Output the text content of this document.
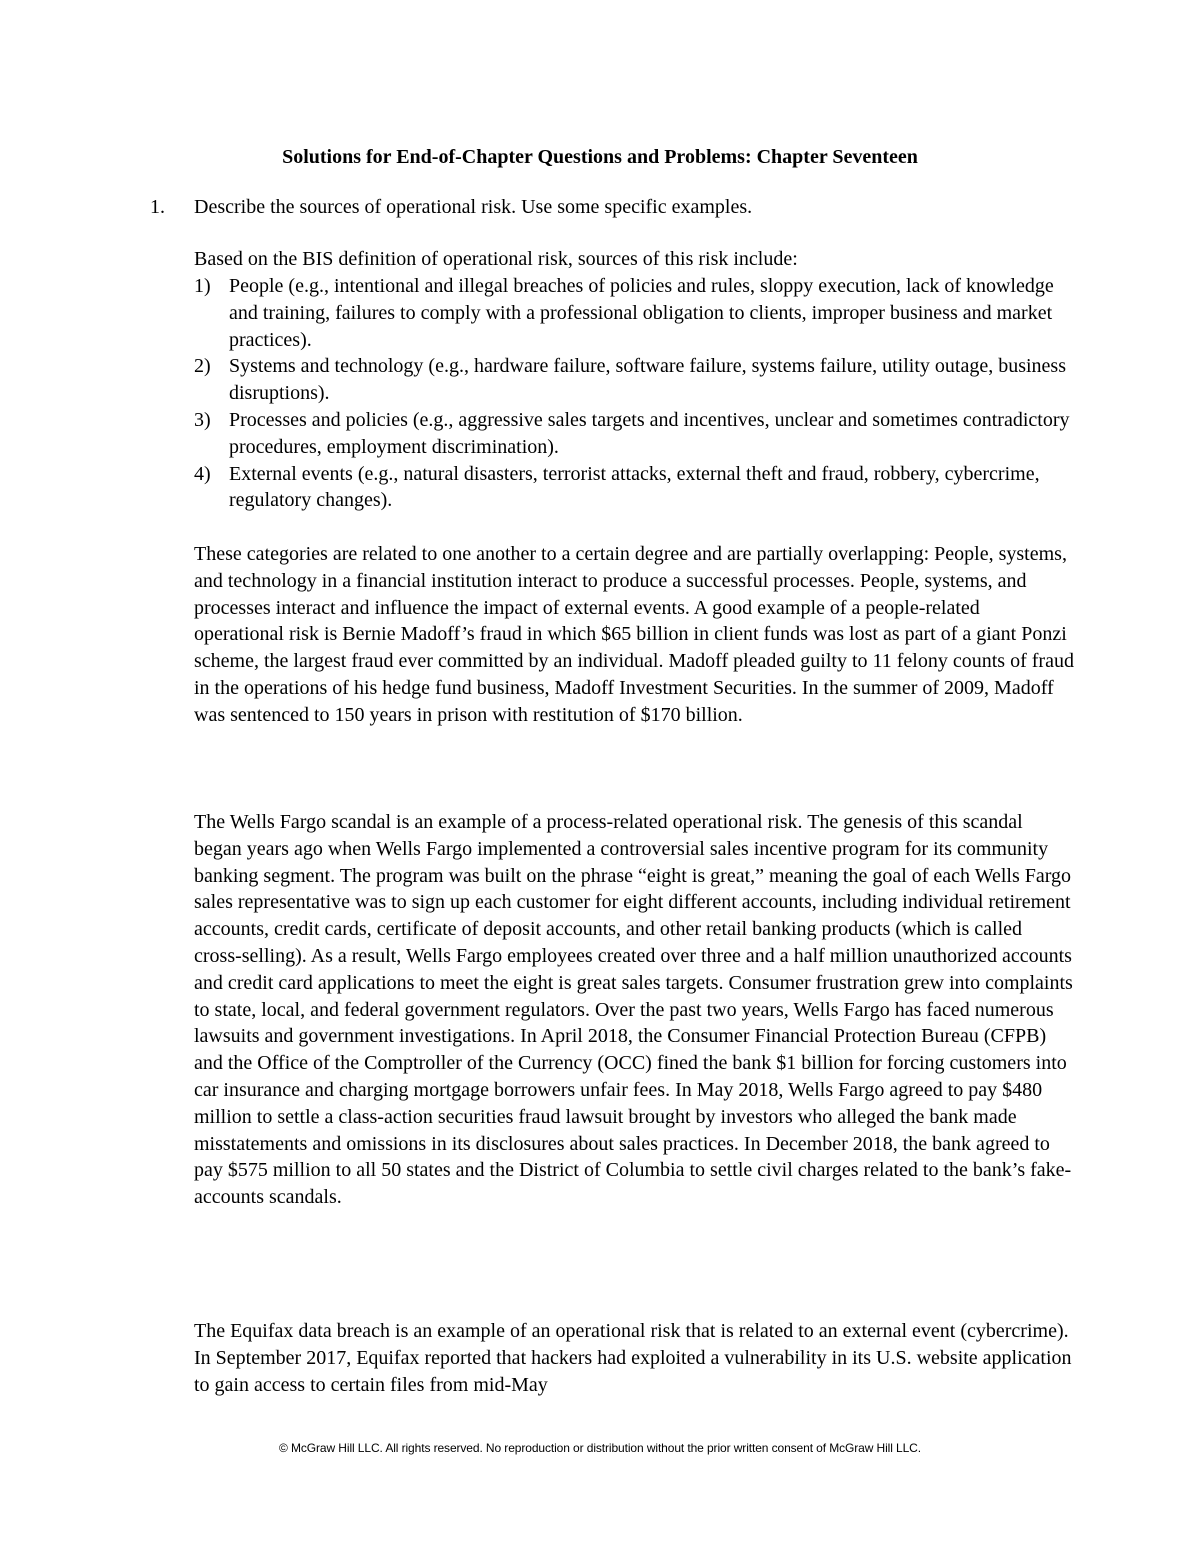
Solutions for End-of-Chapter Questions and Problems: Chapter Seventeen
1. Describe the sources of operational risk. Use some specific examples.
Based on the BIS definition of operational risk, sources of this risk include:
1) People (e.g., intentional and illegal breaches of policies and rules, sloppy execution, lack of knowledge and training, failures to comply with a professional obligation to clients, improper business and market practices).
2) Systems and technology (e.g., hardware failure, software failure, systems failure, utility outage, business disruptions).
3) Processes and policies (e.g., aggressive sales targets and incentives, unclear and sometimes contradictory procedures, employment discrimination).
4) External events (e.g., natural disasters, terrorist attacks, external theft and fraud, robbery, cybercrime, regulatory changes).

These categories are related to one another to a certain degree and are partially overlapping: People, systems, and technology in a financial institution interact to produce a successful processes. People, systems, and processes interact and influence the impact of external events. A good example of a people-related operational risk is Bernie Madoff’s fraud in which $65 billion in client funds was lost as part of a giant Ponzi scheme, the largest fraud ever committed by an individual. Madoff pleaded guilty to 11 felony counts of fraud in the operations of his hedge fund business, Madoff Investment Securities. In the summer of 2009, Madoff was sentenced to 150 years in prison with restitution of $170 billion.

The Wells Fargo scandal is an example of a process-related operational risk. The genesis of this scandal began years ago when Wells Fargo implemented a controversial sales incentive program for its community banking segment. The program was built on the phrase “eight is great,” meaning the goal of each Wells Fargo sales representative was to sign up each customer for eight different accounts, including individual retirement accounts, credit cards, certificate of deposit accounts, and other retail banking products (which is called cross-selling). As a result, Wells Fargo employees created over three and a half million unauthorized accounts and credit card applications to meet the eight is great sales targets. Consumer frustration grew into complaints to state, local, and federal government regulators. Over the past two years, Wells Fargo has faced numerous lawsuits and government investigations. In April 2018, the Consumer Financial Protection Bureau (CFPB) and the Office of the Comptroller of the Currency (OCC) fined the bank $1 billion for forcing customers into car insurance and charging mortgage borrowers unfair fees. In May 2018, Wells Fargo agreed to pay $480 million to settle a class-action securities fraud lawsuit brought by investors who alleged the bank made misstatements and omissions in its disclosures about sales practices. In December 2018, the bank agreed to pay $575 million to all 50 states and the District of Columbia to settle civil charges related to the bank’s fake-accounts scandals.

The Equifax data breach is an example of an operational risk that is related to an external event (cybercrime). In September 2017, Equifax reported that hackers had exploited a vulnerability in its U.S. website application to gain access to certain files from mid-May

© McGraw Hill LLC. All rights reserved. No reproduction or distribution without the prior written consent of McGraw Hill LLC.
